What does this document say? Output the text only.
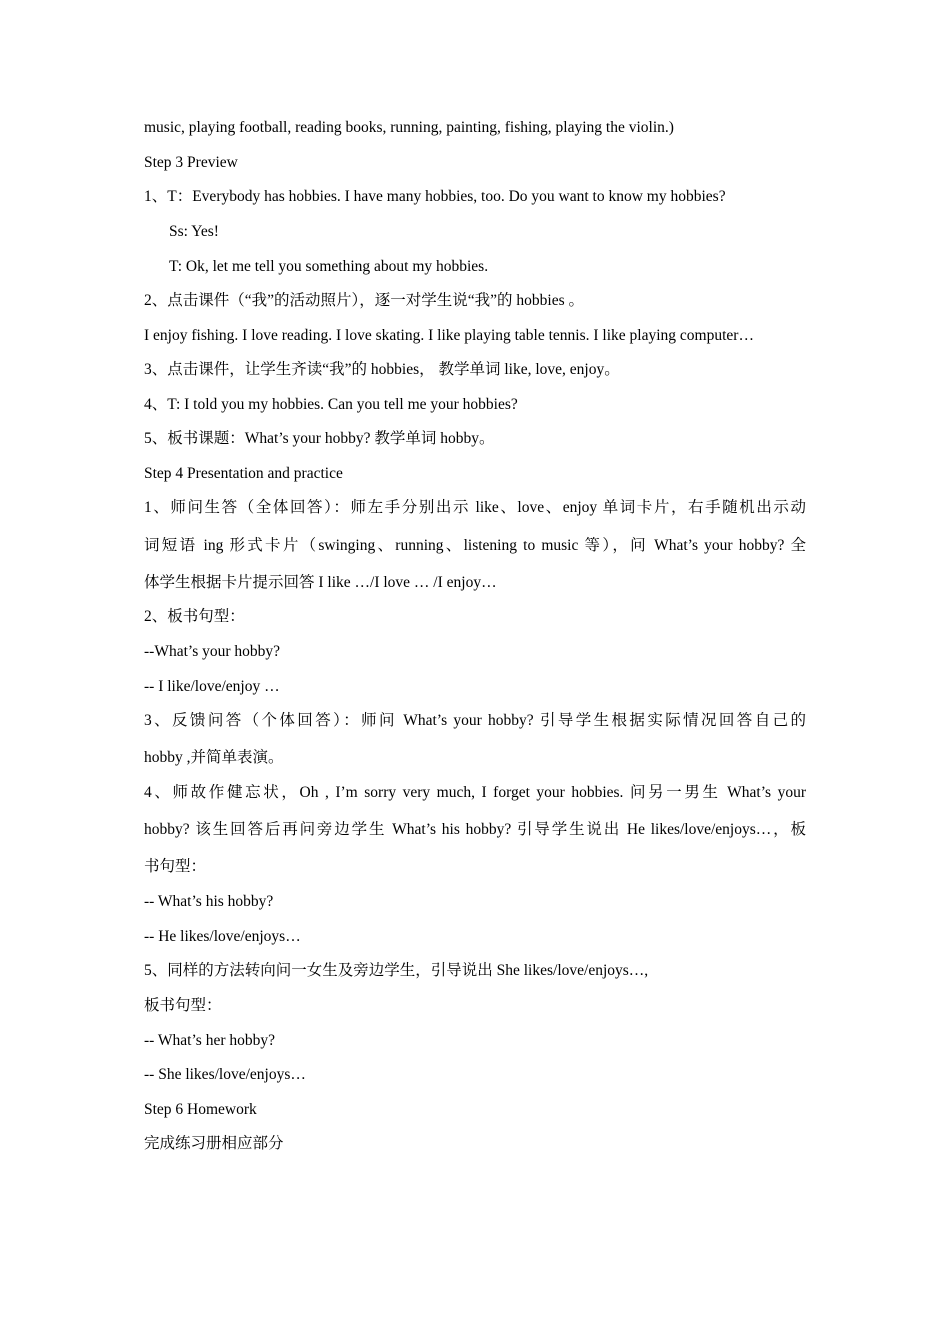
music, playing football, reading books, running, painting, fishing, playing the violin.)
Step 3 Preview
1、T：Everybody has hobbies. I have many hobbies, too. Do you want to know my hobbies?
Ss: Yes!
T: Ok, let me tell you something about my hobbies.
2、点击课件（“我”的活动照片），逐一对学生说“我”的 hobbies 。
I enjoy fishing. I love reading. I love skating. I like playing table tennis. I like playing computer…
3、点击课件，让学生齐读“我”的 hobbies， 教学单词 like, love, enjoy。
4、T: I told you my hobbies. Can you tell me your hobbies?
5、板书课题：What’s your hobby? 教学单词 hobby。
Step 4 Presentation and practice
1、师问生答（全体回答）：师左手分别出示 like、love、enjoy 单词卡片，右手随机出示动
词短语 ing 形式卡片（swinging、running、listening to music 等），问 What’s your hobby? 全
体学生根据卡片提示回答 I like …/I love … /I enjoy…
2、板书句型：
--What’s your hobby?
-- I like/love/enjoy …
3、反馈问答（个体回答）：师问 What’s your hobby? 引导学生根据实际情况回答自己的
hobby ,并简单表演。
4、师故作健忘状，Oh , I’m sorry very much, I forget your hobbies. 问另一男生 What’s your
hobby? 该生回答后再问旁边学生 What’s his hobby? 引导学生说出 He likes/love/enjoys…，板
书句型：
-- What’s his hobby?
-- He likes/love/enjoys…
5、同样的方法转向问一女生及旁边学生，引导说出 She likes/love/enjoys…,
板书句型：
-- What’s her hobby?
-- She likes/love/enjoys…
Step 6 Homework
完成练习册相应部分
